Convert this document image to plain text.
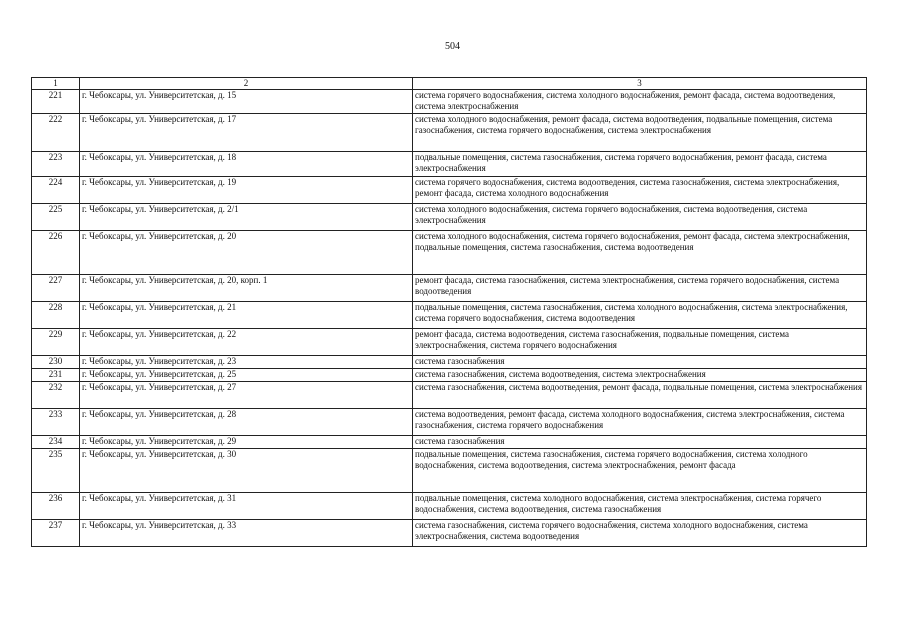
504
1	2	3
221	г. Чебоксары, ул. Университетская, д. 15	система горячего водоснабжения, система холодного водоснабжения, ремонт фасада, система водоотведения, система электроснабжения
222	г. Чебоксары, ул. Университетская, д. 17	система холодного водоснабжения, ремонт фасада, система водоотведения, подвальные помещения, система газоснабжения, система горячего водоснабжения, система электроснабжения
223	г. Чебоксары, ул. Университетская, д. 18	подвальные помещения, система газоснабжения, система горячего водоснабжения, ремонт фасада, система электроснабжения
224	г. Чебоксары, ул. Университетская, д. 19	система горячего водоснабжения, система водоотведения, система газоснабжения, система электроснабжения, ремонт фасада, система холодного водоснабжения
225	г. Чебоксары, ул. Университетская, д. 2/1	система холодного водоснабжения, система горячего водоснабжения, система водоотведения, система электроснабжения
226	г. Чебоксары, ул. Университетская, д. 20	система холодного водоснабжения, система горячего водоснабжения, ремонт фасада, система электроснабжения, подвальные помещения, система газоснабжения, система водоотведения
227	г. Чебоксары, ул. Университетская, д. 20, корп. 1	ремонт фасада, система газоснабжения, система электроснабжения, система горячего водоснабжения, система водоотведения
228	г. Чебоксары, ул. Университетская, д. 21	подвальные помещения, система газоснабжения, система холодного водоснабжения, система электроснабжения, система горячего водоснабжения, система водоотведения
229	г. Чебоксары, ул. Университетская, д. 22	ремонт фасада, система водоотведения, система газоснабжения, подвальные помещения, система электроснабжения, система горячего водоснабжения
230	г. Чебоксары, ул. Университетская, д. 23	система газоснабжения
231	г. Чебоксары, ул. Университетская, д. 25	система газоснабжения, система водоотведения, система электроснабжения
232	г. Чебоксары, ул. Университетская, д. 27	система газоснабжения, система водоотведения, ремонт фасада, подвальные помещения, система электроснабжения
233	г. Чебоксары, ул. Университетская, д. 28	система водоотведения, ремонт фасада, система холодного водоснабжения, система электроснабжения, система газоснабжения, система горячего водоснабжения
234	г. Чебоксары, ул. Университетская, д. 29	система газоснабжения
235	г. Чебоксары, ул. Университетская, д. 30	подвальные помещения, система газоснабжения, система горячего водоснабжения, система холодного водоснабжения, система водоотведения, система электроснабжения, ремонт фасада
236	г. Чебоксары, ул. Университетская, д. 31	подвальные помещения, система холодного водоснабжения, система электроснабжения, система горячего водоснабжения, система водоотведения, система газоснабжения
237	г. Чебоксары, ул. Университетская, д. 33	система газоснабжения, система горячего водоснабжения, система холодного водоснабжения, система электроснабжения, система водоотведения
